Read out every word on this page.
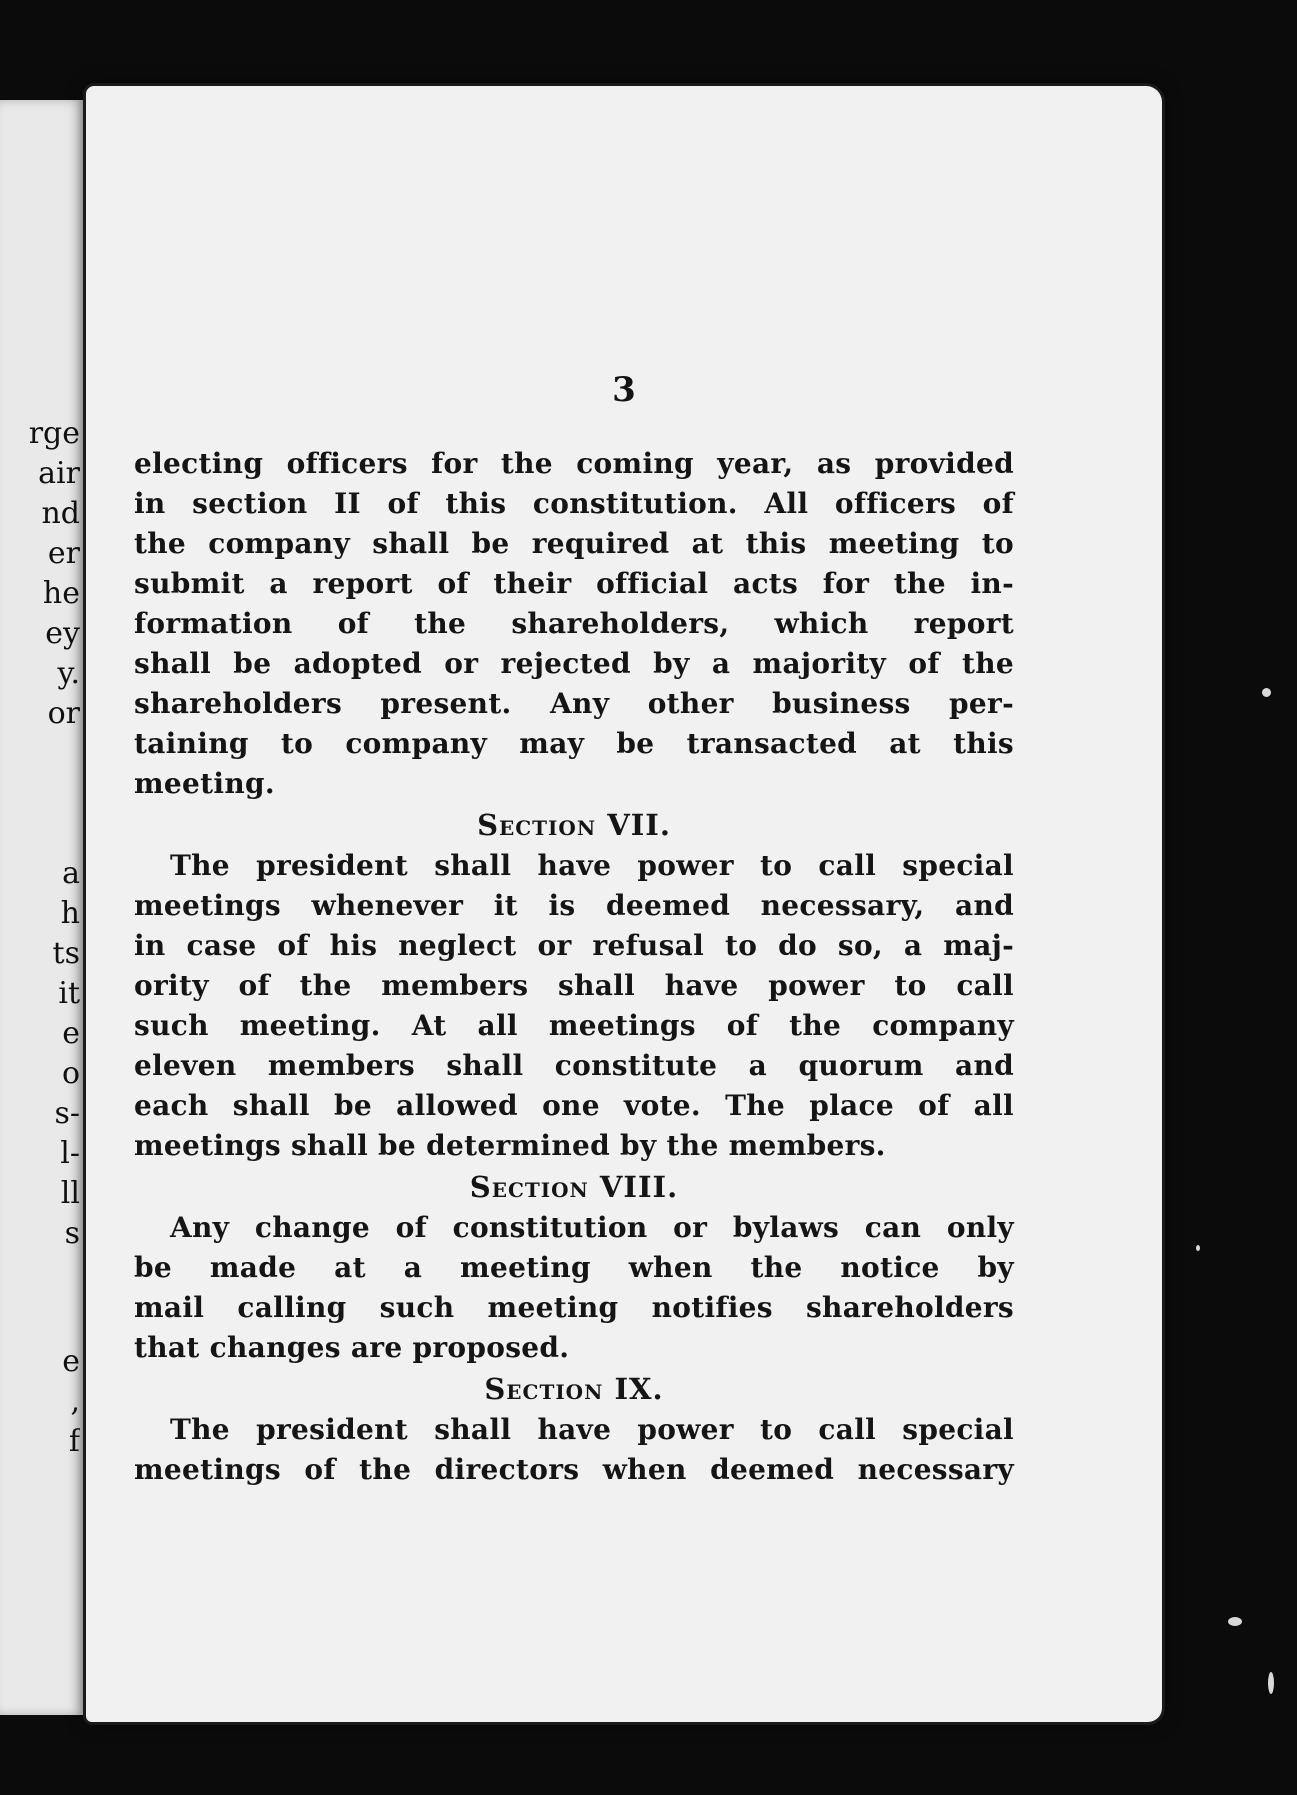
rge
air
nd
er
he
ey
y.
or
a
h
ts
it
e
o
s-
l-
ll
s
e
,
f
3
electing officers for the coming year, as provided
in section II of this constitution. All officers of
the company shall be required at this meeting to
submit a report of their official acts for the in-
formation of the shareholders, which report
shall be adopted or rejected by a majority of the
shareholders present. Any other business per-
taining to company may be transacted at this
meeting.
Section VII.
The president shall have power to call special
meetings whenever it is deemed necessary, and
in case of his neglect or refusal to do so, a maj-
ority of the members shall have power to call
such meeting. At all meetings of the company
eleven members shall constitute a quorum and
each shall be allowed one vote. The place of all
meetings shall be determined by the members.
Section VIII.
Any change of constitution or bylaws can only
be made at a meeting when the notice by
mail calling such meeting notifies shareholders
that changes are proposed.
Section IX.
The president shall have power to call special
meetings of the directors when deemed necessary
